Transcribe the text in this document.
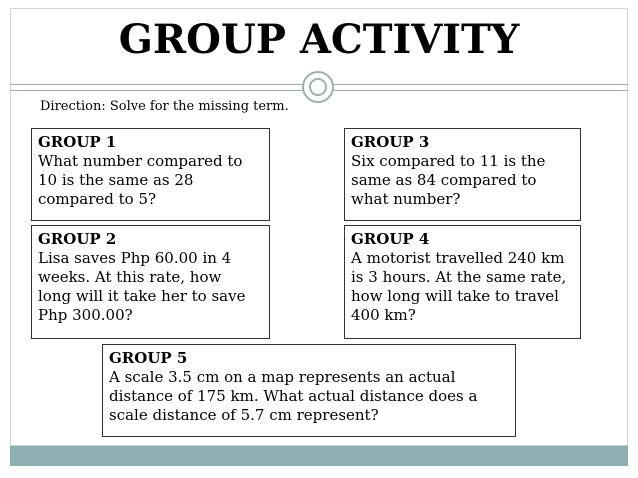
GROUP ACTIVITY
Direction: Solve for the missing term.
GROUP 1
What number compared to
10 is the same as 28
compared to 5?
GROUP 3
Six compared to 11 is the
same as 84 compared to
what number?
GROUP 2
Lisa saves Php 60.00 in 4
weeks. At this rate, how
long will it take her to save
Php 300.00?
GROUP 4
A motorist travelled 240 km
is 3 hours. At the same rate,
how long will take to travel
400 km?
GROUP 5
A scale 3.5 cm on a map represents an actual
distance of 175 km. What actual distance does a
scale distance of 5.7 cm represent?
